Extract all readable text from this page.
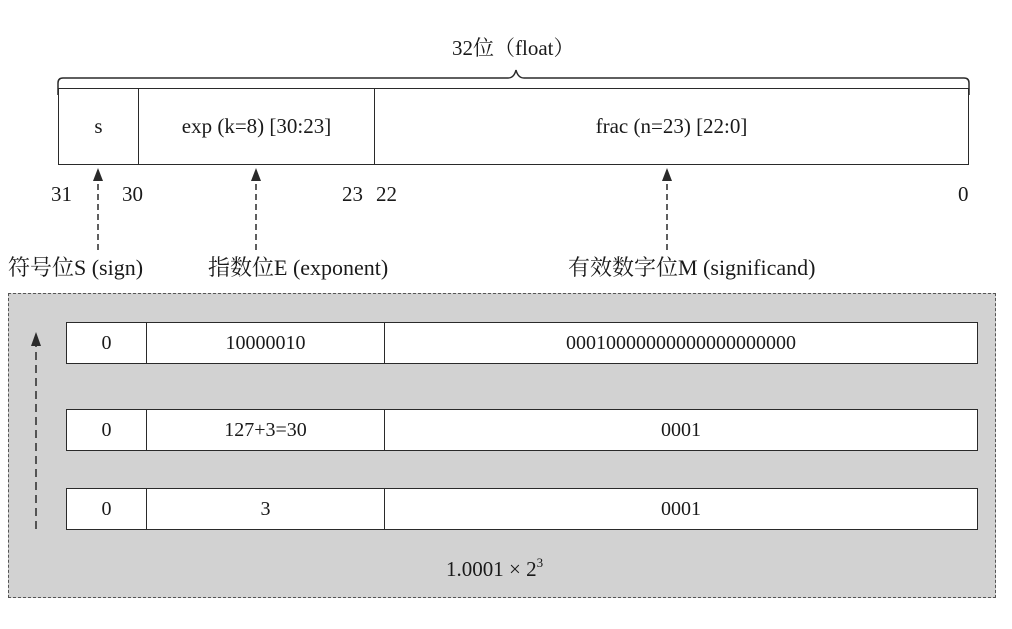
32位（float）
s	exp (k=8) [30:23]	frac (n=23) [22:0]
31 30	23 22	0
符号位S (sign)	指数位E (exponent)	有效数字位M (significand)
0	10000010	00010000000000000000000
0	127+3=30	0001
0	3	0001
$1.0001 \times 2^3$
